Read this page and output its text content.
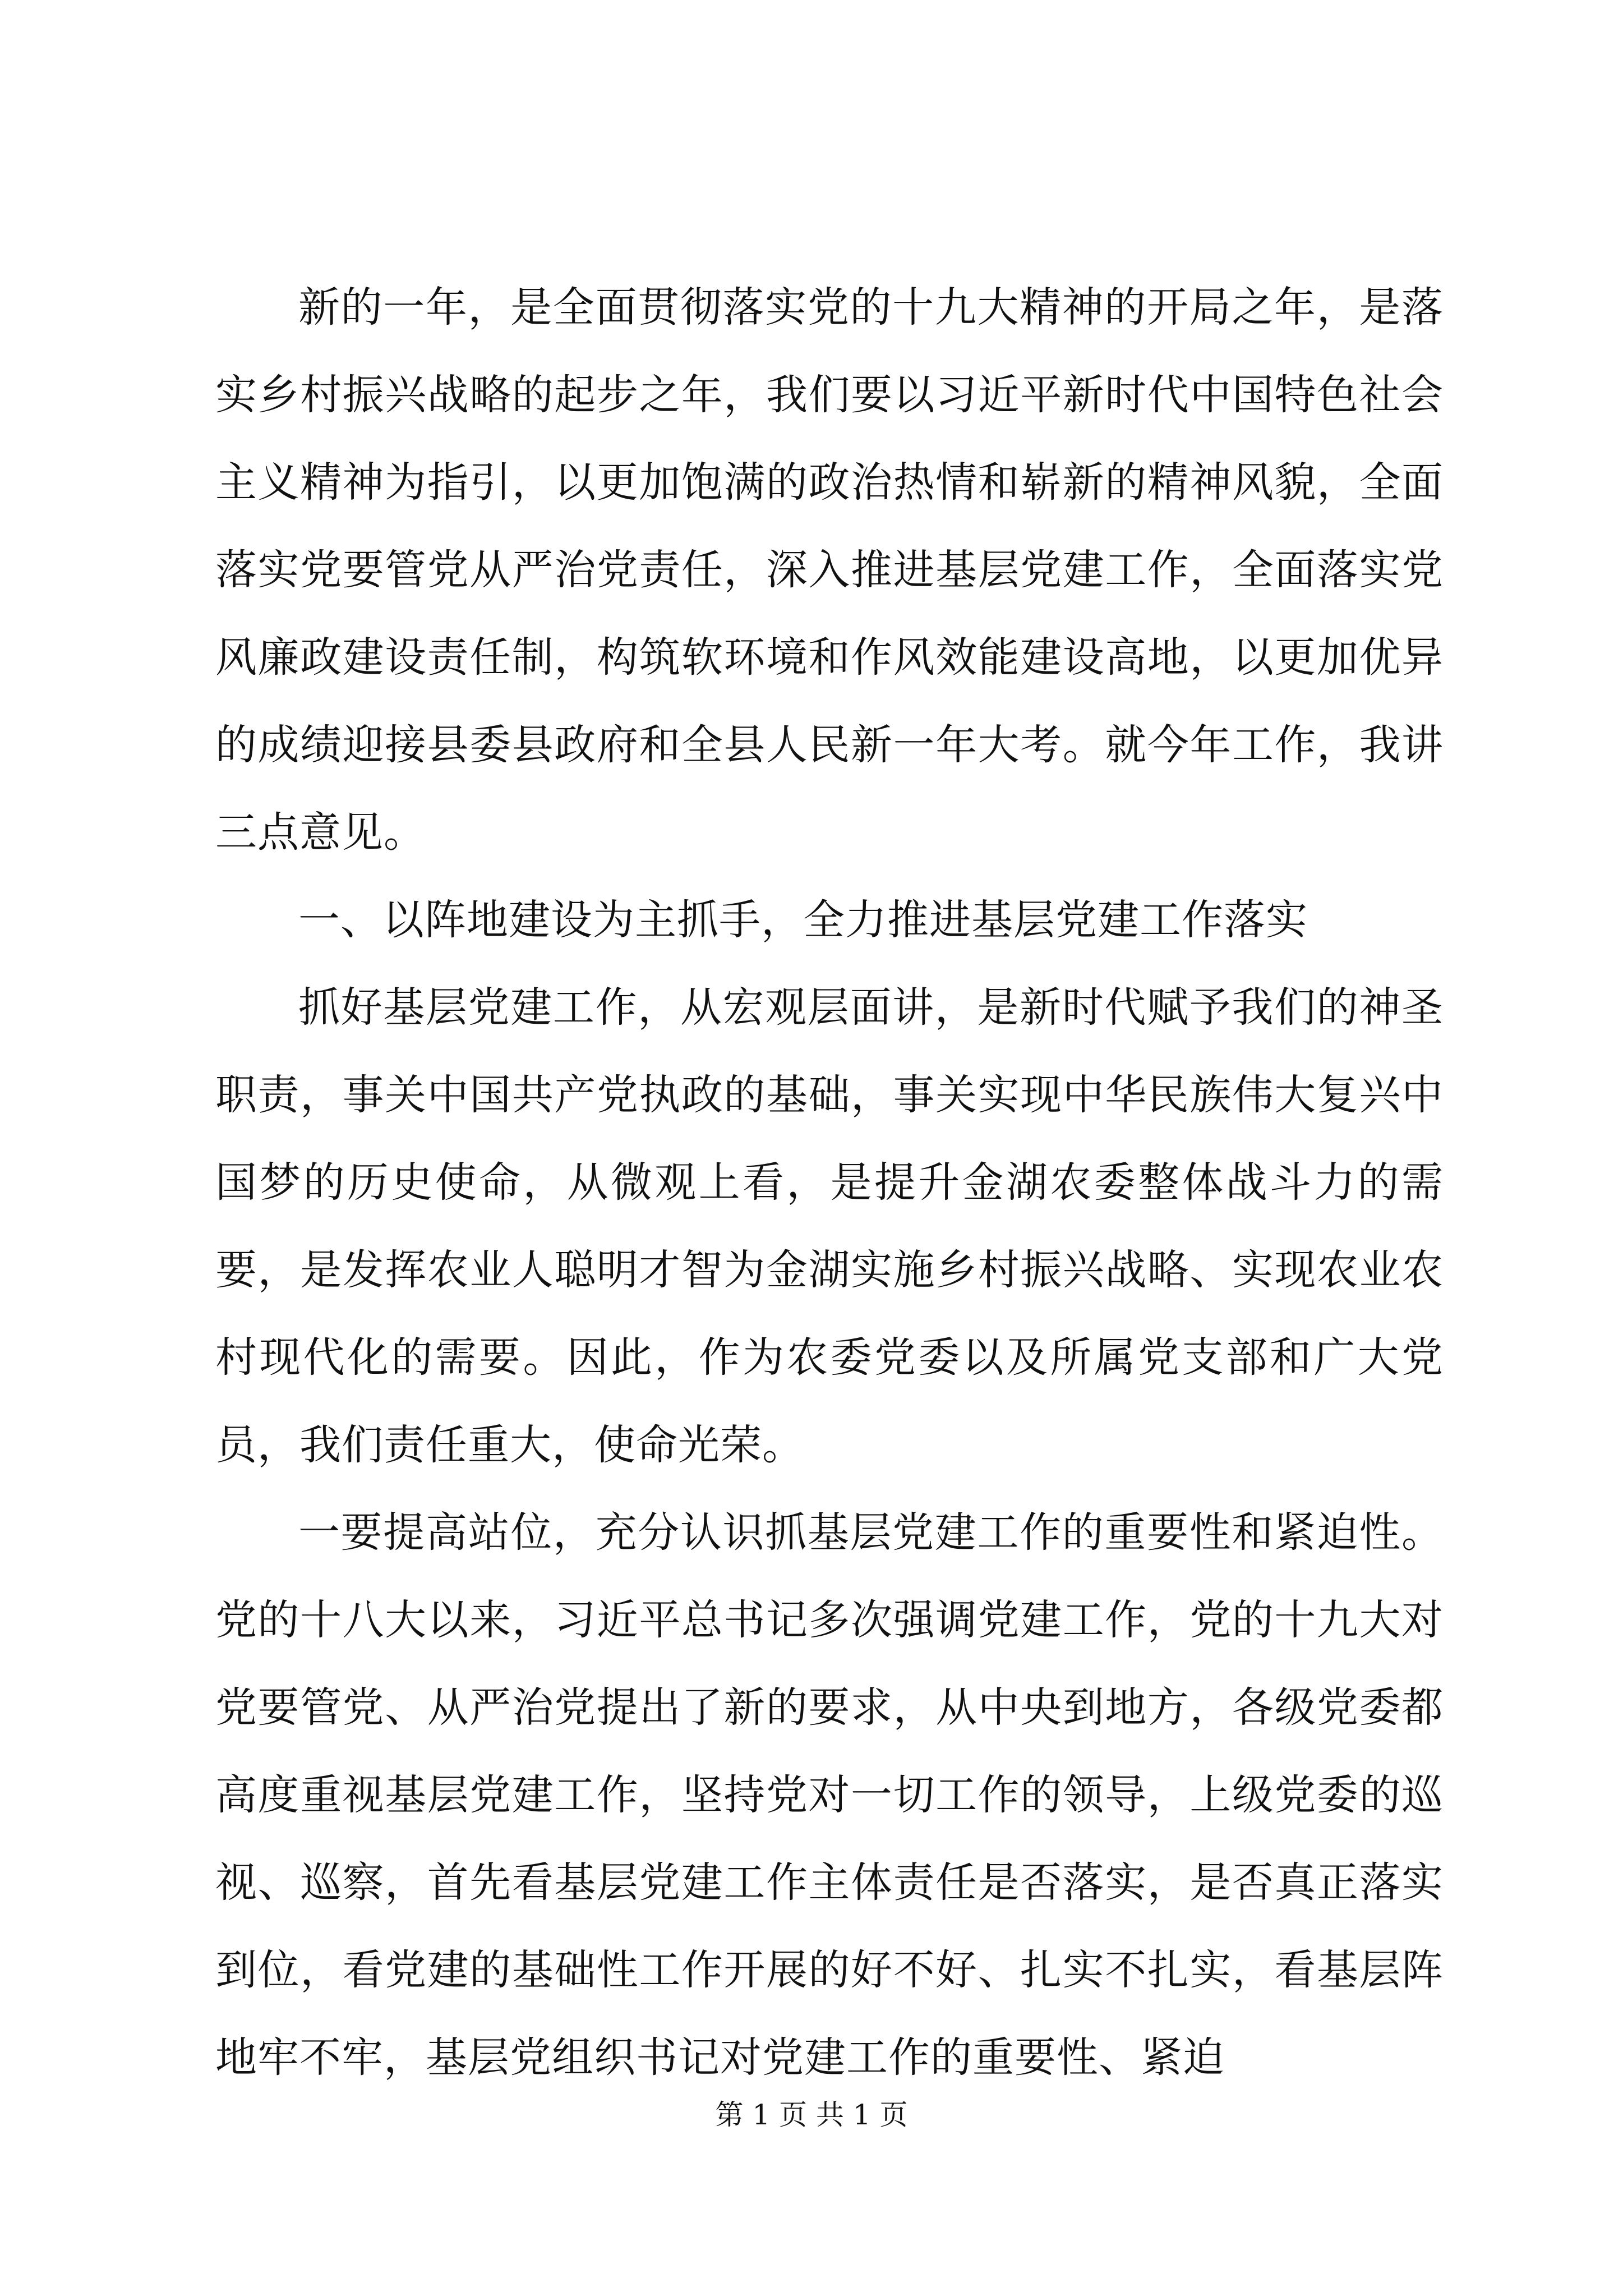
新的一年，是全面贯彻落实党的十九大精神的开局之年，是落实乡村振兴战略的起步之年，我们要以习近平新时代中国特色社会主义精神为指引，以更加饱满的政治热情和崭新的精神风貌，全面落实党要管党从严治党责任，深入推进基层党建工作，全面落实党风廉政建设责任制，构筑软环境和作风效能建设高地，以更加优异的成绩迎接县委县政府和全县人民新一年大考。就今年工作，我讲三点意见。

一、以阵地建设为主抓手，全力推进基层党建工作落实

抓好基层党建工作，从宏观层面讲，是新时代赋予我们的神圣职责，事关中国共产党执政的基础，事关实现中华民族伟大复兴中国梦的历史使命，从微观上看，是提升金湖农委整体战斗力的需要，是发挥农业人聪明才智为金湖实施乡村振兴战略、实现农业农村现代化的需要。因此，作为农委党委以及所属党支部和广大党员，我们责任重大，使命光荣。

一要提高站位，充分认识抓基层党建工作的重要性和紧迫性。党的十八大以来，习近平总书记多次强调党建工作，党的十九大对党要管党、从严治党提出了新的要求，从中央到地方，各级党委都高度重视基层党建工作，坚持党对一切工作的领导，上级党委的巡视、巡察，首先看基层党建工作主体责任是否落实，是否真正落实到位，看党建的基础性工作开展的好不好、扎实不扎实，看基层阵地牢不牢，基层党组织书记对党建工作的重要性、紧迫

第 1 页 共 1 页
